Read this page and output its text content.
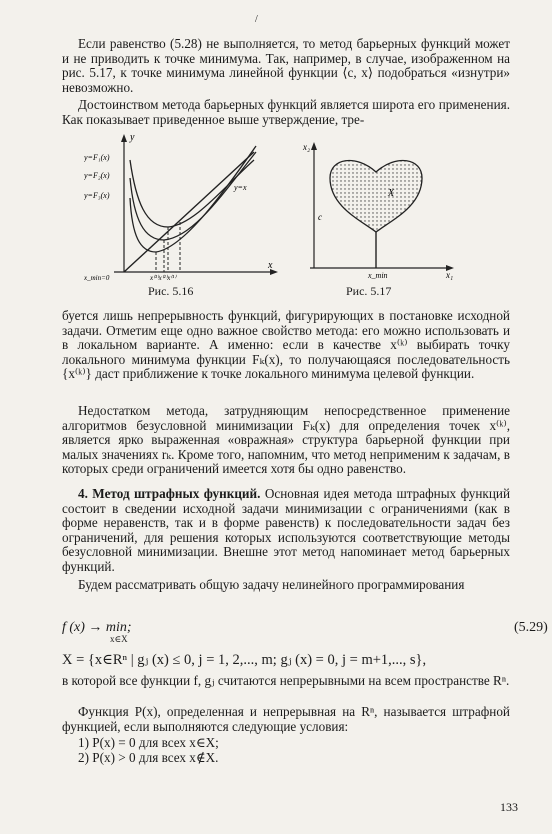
/
Если равенство (5.28) не выполняется, то метод барьерных функций может и не приводить к точке минимума. Так, например, в случае, изображенном на рис. 5.17, к точке минимума линейной функции ⟨c, x⟩ подобраться «изнутри» невозможно.
Достоинством метода барьерных функций является широта его применения. Как показывает приведенное выше утверждение, тре-
y
x
y=F₁(x)
y=F₂(x)
y=F₃(x)
y=x
x⁽³⁾x⁽²⁾x⁽¹⁾
x_min=0
Рис. 5.16
x₂
x₁
X
c
x_min
Рис. 5.17
буется лишь непрерывность функций, фигурирующих в постановке исходной задачи. Отметим еще одно важное свойство метода: его можно использовать и в локальном варианте. А именно: если в качестве x⁽ᵏ⁾ выбирать точку локального минимума функции Fₖ(x), то получающаяся последовательность {x⁽ᵏ⁾} даст приближение к точке локального минимума целевой функции.
Недостатком метода, затрудняющим непосредственное применение алгоритмов безусловной минимизации Fₖ(x) для определения точек x⁽ᵏ⁾, является ярко выраженная «овражная» структура барьерной функции при малых значениях rₖ. Кроме того, напомним, что метод неприменим к задачам, в которых среди ограничений имеется хотя бы одно равенство.
4. Метод штрафных функций. Основная идея метода штрафных функций состоит в сведении исходной задачи минимизации с ограничениями (как в форме неравенств, так и в форме равенств) к последовательности задач без ограничений, для решения которых используются соответствующие методы безусловной минимизации. Внешне этот метод напоминает метод барьерных функций.
Будем рассматривать общую задачу нелинейного программирования
f (x) → min;	(5.29)
x∈X
X = {x∈Rⁿ | gⱼ (x) ≤ 0, j = 1, 2,..., m; gⱼ (x) = 0, j = m+1,..., s},
в которой все функции f, gⱼ считаются непрерывными на всем пространстве Rⁿ.
Функция P(x), определенная и непрерывная на Rⁿ, называется штрафной функцией, если выполняются следующие условия:
1) P(x) = 0 для всех x∈X;
2) P(x) > 0 для всех x∉X.
133
